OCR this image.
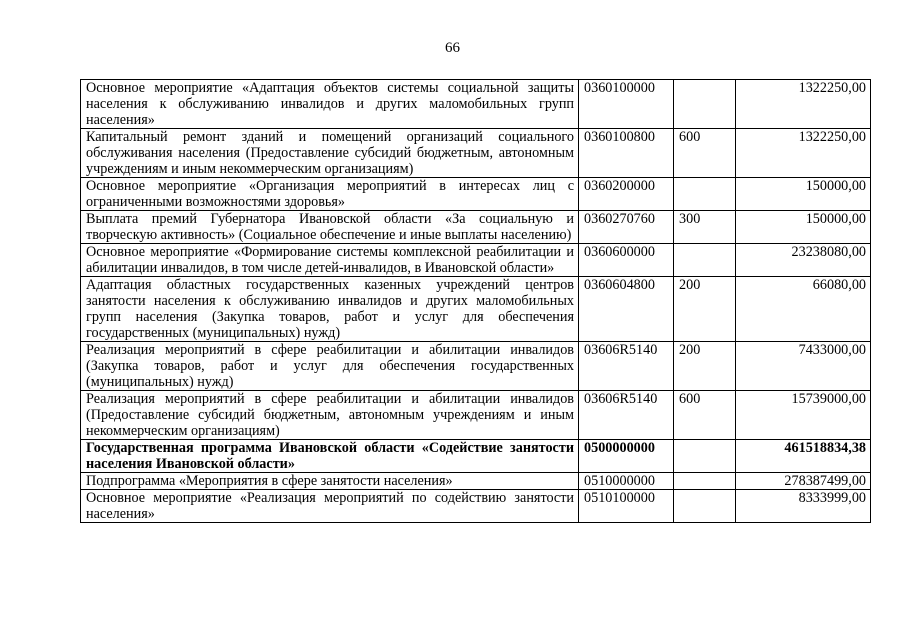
66
Основное мероприятие «Адаптация объектов системы социальной защиты населения к обслуживанию инвалидов и других маломобильных групп населения»	0360100000		1322250,00
Капитальный ремонт зданий и помещений организаций социального обслуживания населения (Предоставление субсидий бюджетным, автономным учреждениям и иным некоммерческим организациям)	0360100800	600	1322250,00
Основное мероприятие «Организация мероприятий в интересах лиц с ограниченными возможностями здоровья»	0360200000		150000,00
Выплата премий Губернатора Ивановской области «За социальную и творческую активность» (Социальное обеспечение и иные выплаты населению)	0360270760	300	150000,00
Основное мероприятие «Формирование системы комплексной реабилитации и абилитации инвалидов, в том числе детей-инвалидов, в Ивановской области»	0360600000		23238080,00
Адаптация областных государственных казенных учреждений центров занятости населения к обслуживанию инвалидов и других маломобильных групп населения (Закупка товаров, работ и услуг для обеспечения государственных (муниципальных) нужд)	0360604800	200	66080,00
Реализация мероприятий в сфере реабилитации и абилитации инвалидов (Закупка товаров, работ и услуг для обеспечения государственных (муниципальных) нужд)	03606R5140	200	7433000,00
Реализация мероприятий в сфере реабилитации и абилитации инвалидов (Предоставление субсидий бюджетным, автономным учреждениям и иным некоммерческим организациям)	03606R5140	600	15739000,00
Государственная программа Ивановской области «Содействие занятости населения Ивановской области»	0500000000		461518834,38
Подпрограмма «Мероприятия в сфере занятости населения»	0510000000		278387499,00
Основное мероприятие «Реализация мероприятий по содействию занятости населения»	0510100000		8333999,00
